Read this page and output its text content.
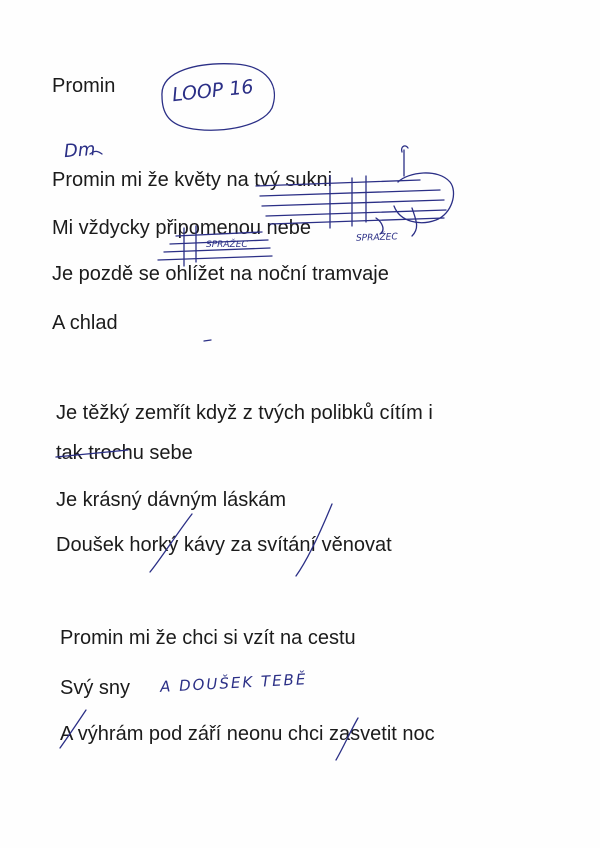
Promin
Promin mi že květy na tvý sukni
Mi vždycky připomenou nebe
Je pozdě se ohlížet na noční tramvaje
A chlad
Je těžký zemřít když z tvých polibků cítím i
tak trochu sebe
Je krásný dávným láskám
Doušek horký kávy za svítání věnovat
Promin mi že chci si vzít na cestu
Svý sny
A výhrám pod září neonu chci zasvetit noc
LOOP 16
Dm
SPRAŽEC
SPRAŽEC
A DOUŠEK TEBĚ
